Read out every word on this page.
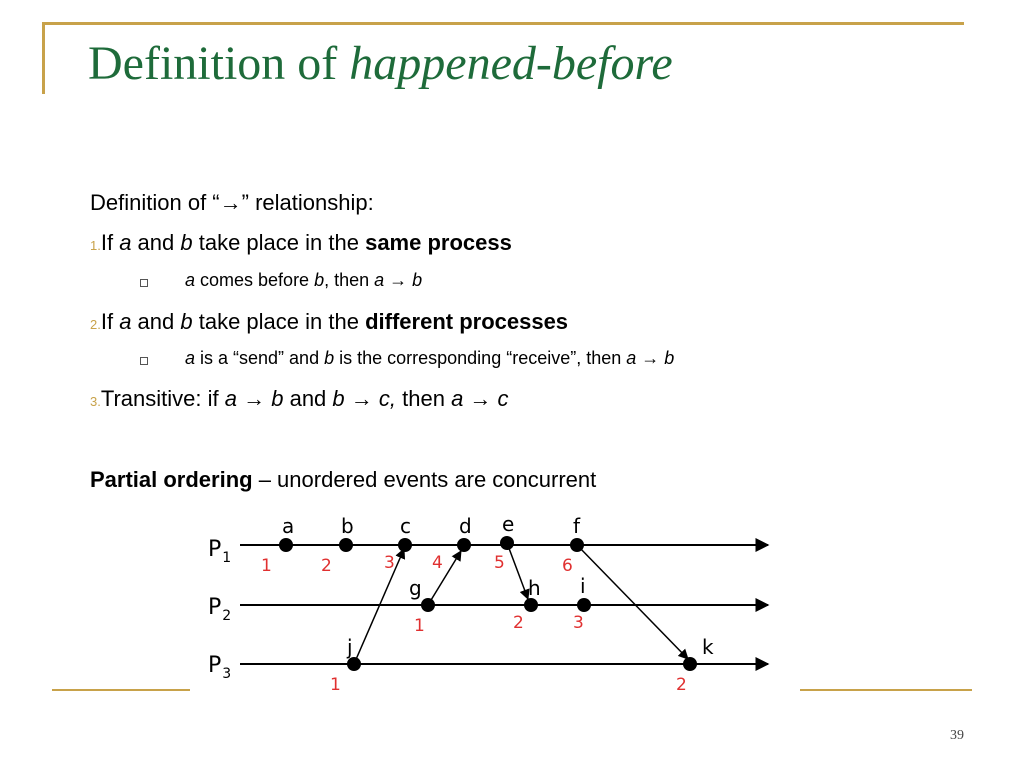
Definition of happened-before
Definition of “→” relationship:
1.If a and b take place in the same process
a comes before b, then a → b
2.If a and b take place in the different processes
a is a “send” and b is the corresponding “receive”, then a → b
3.Transitive: if a → b and b → c, then a → c
Partial ordering – unordered events are concurrent
$P_1$
$P_2$
$P_3$
a b c d e	f
g	h i
j	k
1	2	3 4	5	6
1	2	3
1	2
39
